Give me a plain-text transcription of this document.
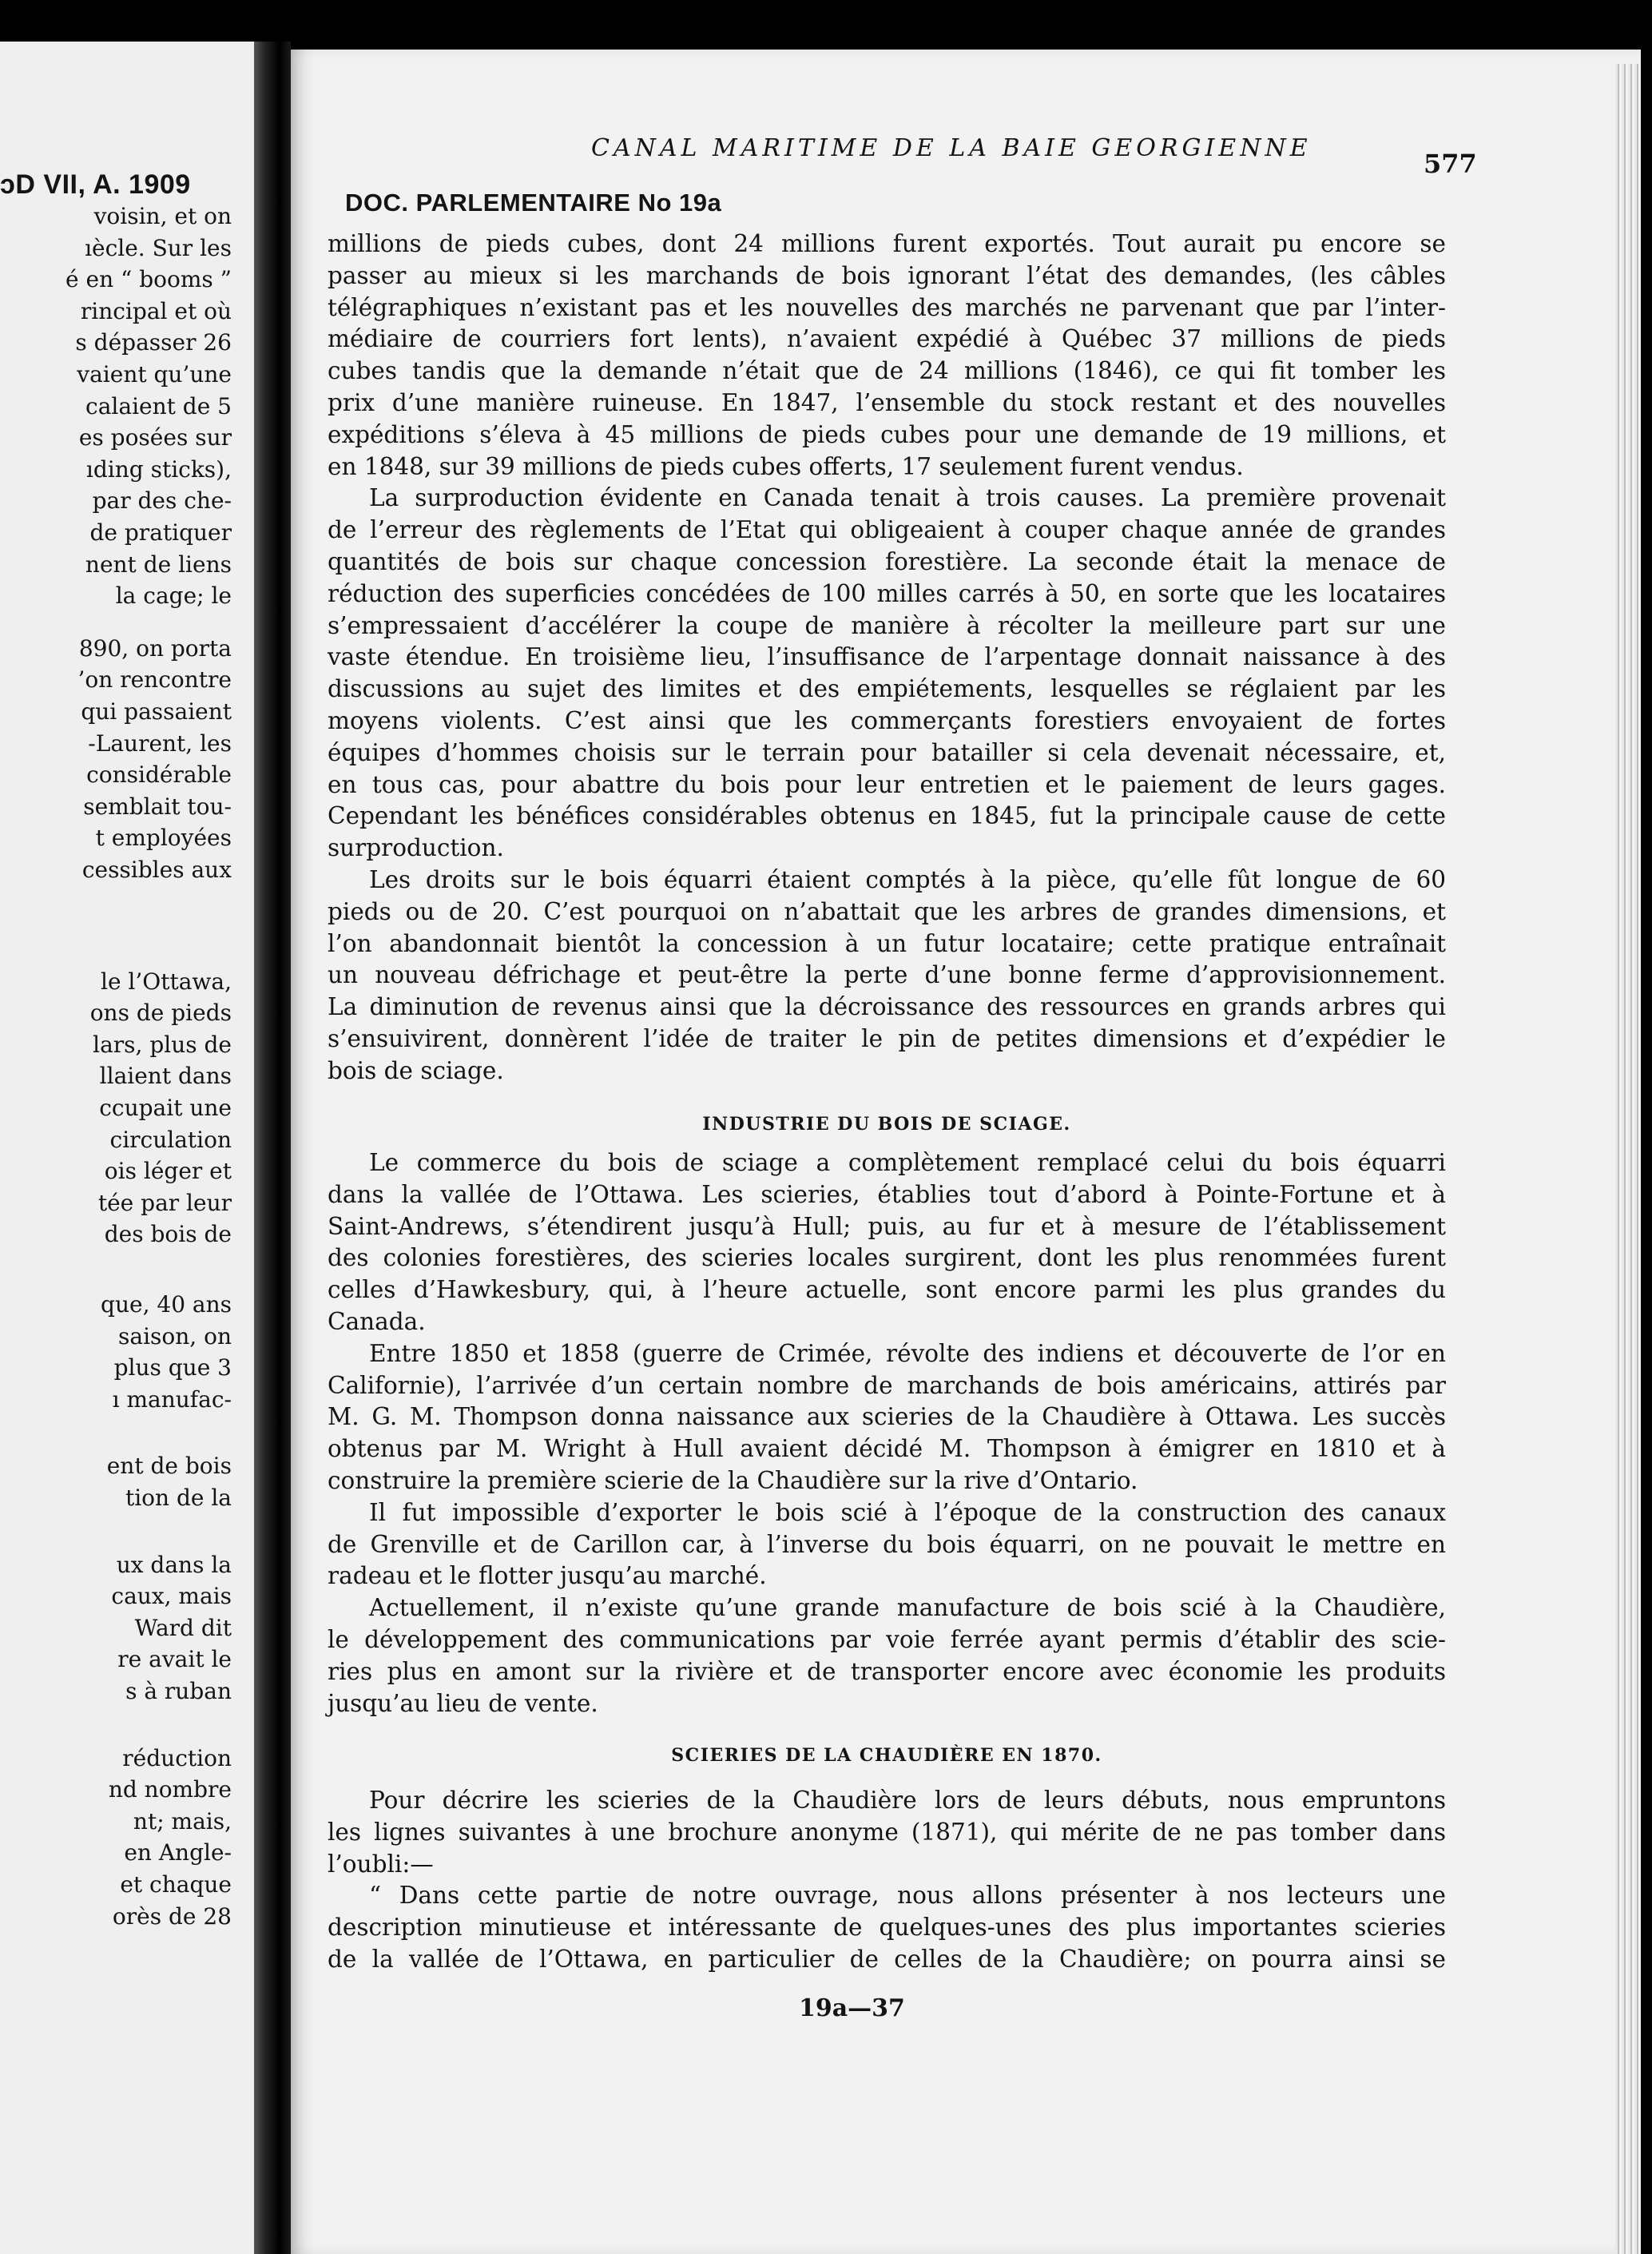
ɔD VII, A. 1909
voisin, et on
ıècle. Sur les
é en “ booms ”
rincipal et où
s dépasser 26
vaient qu’une
calaient de 5
es posées sur
ıding sticks),
par des che-
de pratiquer
nent de liens
la cage; le
890, on porta
’on rencontre
qui passaient
-Laurent, les
considérable
semblait tou-
t employées
cessibles aux
le l’Ottawa,
ons de pieds
lars, plus de
llaient dans
ccupait une
circulation
ois léger et
tée par leur
des bois de
que, 40 ans
saison, on
plus que 3
ı manufac-
ent de bois
tion de la
ux dans la
caux, mais
Ward dit
re avait le
s à ruban
réduction
nd nombre
nt; mais,
en Angle-
et chaque
orès de 28
CANAL MARITIME DE LA BAIE GEORGIENNE
577
DOC. PARLEMENTAIRE No 19a

millions de pieds cubes, dont 24 millions furent exportés. Tout aurait pu encore se

passer au mieux si les marchands de bois ignorant l’état des demandes, (les câbles

télégraphiques n’existant pas et les nouvelles des marchés ne parvenant que par l’inter-

médiaire de courriers fort lents), n’avaient expédié à Québec 37 millions de pieds

cubes tandis que la demande n’était que de 24 millions (1846), ce qui fit tomber les

prix d’une manière ruineuse. En 1847, l’ensemble du stock restant et des nouvelles

expéditions s’éleva à 45 millions de pieds cubes pour une demande de 19 millions, et

en 1848, sur 39 millions de pieds cubes offerts, 17 seulement furent vendus.

La surproduction évidente en Canada tenait à trois causes. La première provenait

de l’erreur des règlements de l’Etat qui obligeaient à couper chaque année de grandes

quantités de bois sur chaque concession forestière. La seconde était la menace de

réduction des superficies concédées de 100 milles carrés à 50, en sorte que les locataires

s’empressaient d’accélérer la coupe de manière à récolter la meilleure part sur une

vaste étendue. En troisième lieu, l’insuffisance de l’arpentage donnait naissance à des

discussions au sujet des limites et des empiétements, lesquelles se réglaient par les

moyens violents. C’est ainsi que les commerçants forestiers envoyaient de fortes

équipes d’hommes choisis sur le terrain pour batailler si cela devenait nécessaire, et,

en tous cas, pour abattre du bois pour leur entretien et le paiement de leurs gages.

Cependant les bénéfices considérables obtenus en 1845, fut la principale cause de cette

surproduction.

Les droits sur le bois équarri étaient comptés à la pièce, qu’elle fût longue de 60

pieds ou de 20. C’est pourquoi on n’abattait que les arbres de grandes dimensions, et

l’on abandonnait bientôt la concession à un futur locataire; cette pratique entraînait

un nouveau défrichage et peut-être la perte d’une bonne ferme d’approvisionnement.

La diminution de revenus ainsi que la décroissance des ressources en grands arbres qui

s’ensuivirent, donnèrent l’idée de traiter le pin de petites dimensions et d’expédier le

bois de sciage.

INDUSTRIE DU BOIS DE SCIAGE.

Le commerce du bois de sciage a complètement remplacé celui du bois équarri

dans la vallée de l’Ottawa. Les scieries, établies tout d’abord à Pointe-Fortune et à

Saint-Andrews, s’étendirent jusqu’à Hull; puis, au fur et à mesure de l’établissement

des colonies forestières, des scieries locales surgirent, dont les plus renommées furent

celles d’Hawkesbury, qui, à l’heure actuelle, sont encore parmi les plus grandes du

Canada.

Entre 1850 et 1858 (guerre de Crimée, révolte des indiens et découverte de l’or en

Californie), l’arrivée d’un certain nombre de marchands de bois américains, attirés par

M. G. M. Thompson donna naissance aux scieries de la Chaudière à Ottawa. Les succès

obtenus par M. Wright à Hull avaient décidé M. Thompson à émigrer en 1810 et à

construire la première scierie de la Chaudière sur la rive d’Ontario.

Il fut impossible d’exporter le bois scié à l’époque de la construction des canaux

de Grenville et de Carillon car, à l’inverse du bois équarri, on ne pouvait le mettre en

radeau et le flotter jusqu’au marché.

Actuellement, il n’existe qu’une grande manufacture de bois scié à la Chaudière,

le développement des communications par voie ferrée ayant permis d’établir des scie-

ries plus en amont sur la rivière et de transporter encore avec économie les produits

jusqu’au lieu de vente.

SCIERIES DE LA CHAUDIÈRE EN 1870.

Pour décrire les scieries de la Chaudière lors de leurs débuts, nous empruntons

les lignes suivantes à une brochure anonyme (1871), qui mérite de ne pas tomber dans

l’oubli:—

“ Dans cette partie de notre ouvrage, nous allons présenter à nos lecteurs une

description minutieuse et intéressante de quelques-unes des plus importantes scieries

de la vallée de l’Ottawa, en particulier de celles de la Chaudière; on pourra ainsi se

19a—37
